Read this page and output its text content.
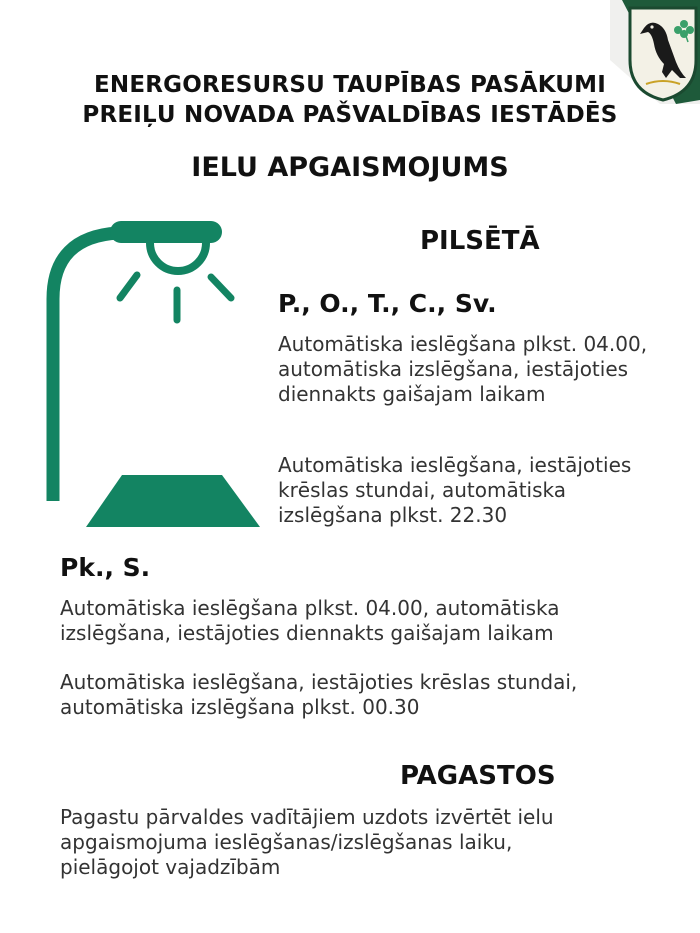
ENERGORESURSU TAUPĪBAS PASĀKUMI
PREIĻU NOVADA PAŠVALDĪBAS IESTĀDĒS
IELU APGAISMOJUMS
PILSĒTĀ
P., O., T., C., Sv.
Automātiska ieslēgšana plkst. 04.00, automātiska izslēgšana, iestājoties diennakts gaišajam laikam
Automātiska ieslēgšana, iestājoties krēslas stundai, automātiska izslēgšana plkst. 22.30
Pk., S.
Automātiska ieslēgšana plkst. 04.00, automātiska izslēgšana, iestājoties diennakts gaišajam laikam
Automātiska ieslēgšana, iestājoties krēslas stundai, automātiska izslēgšana plkst. 00.30
PAGASTOS
Pagastu pārvaldes vadītājiem uzdots izvērtēt ielu apgaismojuma ieslēgšanas/izslēgšanas laiku, pielāgojot vajadzībām
